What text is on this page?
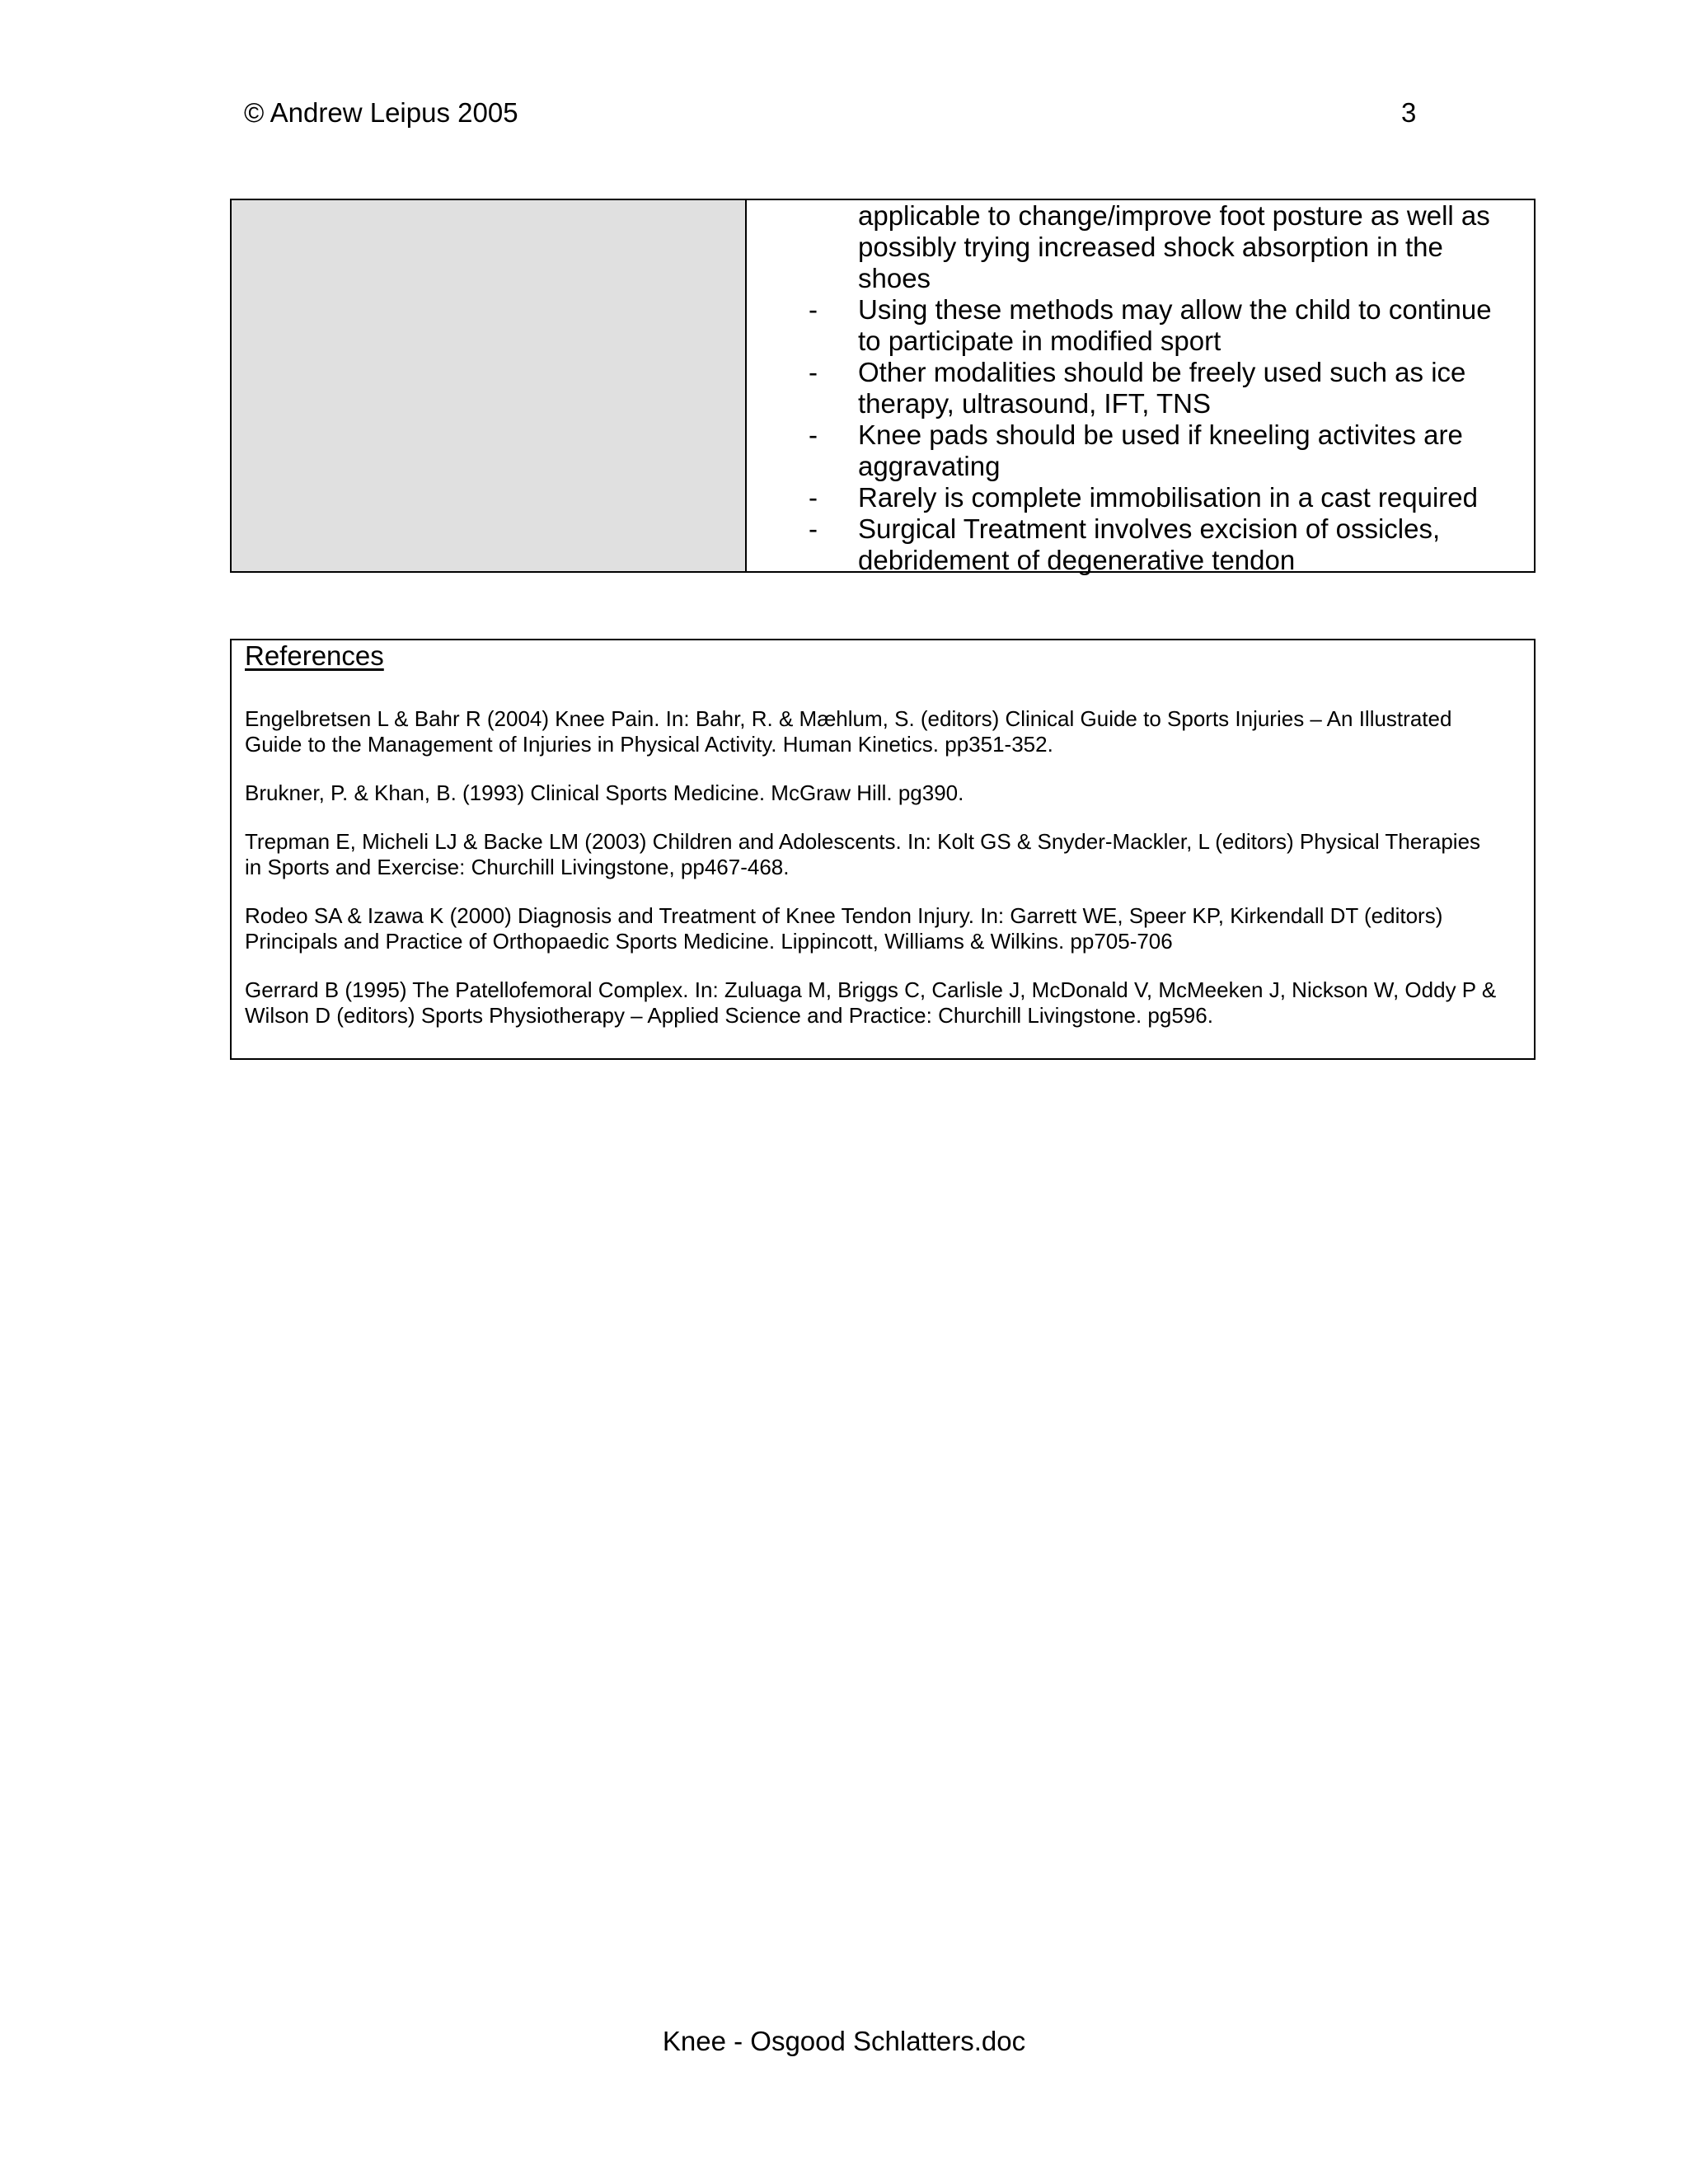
© Andrew Leipus 2005	3
applicable to change/improve foot posture as well as
possibly trying increased shock absorption in the
shoes
- Using these methods may allow the child to continue
to participate in modified sport
- Other modalities should be freely used such as ice
therapy, ultrasound, IFT, TNS
- Knee pads should be used if kneeling activites are
aggravating
- Rarely is complete immobilisation in a cast required
- Surgical Treatment involves excision of ossicles,
debridement of degenerative tendon
References

Engelbretsen L & Bahr R (2004) Knee Pain. In: Bahr, R. & Mæhlum, S. (editors) Clinical Guide to Sports Injuries – An Illustrated
Guide to the Management of Injuries in Physical Activity. Human Kinetics. pp351-352.

Brukner, P. & Khan, B. (1993) Clinical Sports Medicine. McGraw Hill. pg390.

Trepman E, Micheli LJ & Backe LM (2003) Children and Adolescents. In: Kolt GS & Snyder-Mackler, L (editors) Physical Therapies
in Sports and Exercise: Churchill Livingstone, pp467-468.

Rodeo SA & Izawa K (2000) Diagnosis and Treatment of Knee Tendon Injury. In: Garrett WE, Speer KP, Kirkendall DT (editors)
Principals and Practice of Orthopaedic Sports Medicine. Lippincott, Williams & Wilkins. pp705-706

Gerrard B (1995) The Patellofemoral Complex. In: Zuluaga M, Briggs C, Carlisle J, McDonald V, McMeeken J, Nickson W, Oddy P &
Wilson D (editors) Sports Physiotherapy – Applied Science and Practice: Churchill Livingstone. pg596.

Knee - Osgood Schlatters.doc
